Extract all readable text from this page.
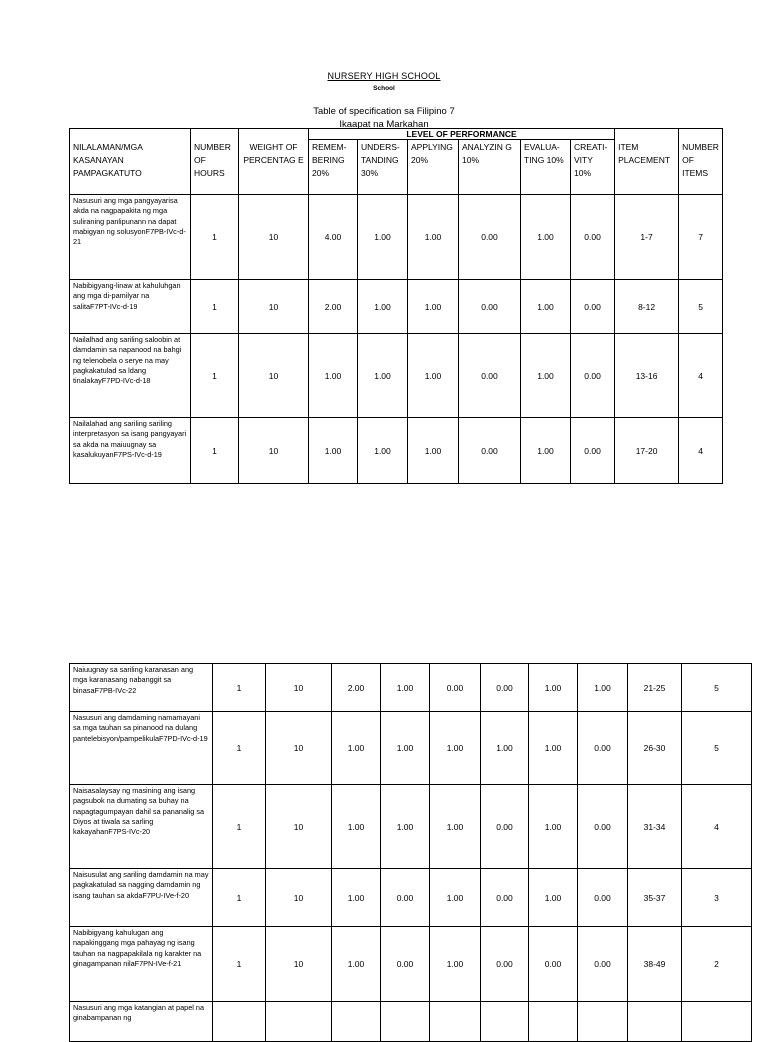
NURSERY HIGH SCHOOL
School
Table of specification sa Filipino 7
Ikaapat na Markahan
			LEVEL OF PERFORMANCE							
NILALAMAN/MGA KASANAYAN PAMPAGKATUTO	NUMBER OF HOURS	WEIGHT OF PERCENTAG E	REMEM-BERING 20%	UNDERS-TANDING 30%	APPLYING 20%	ANALYZIN G 10%	EVALUA-TING 10%	CREATI-VITY 10%	ITEM PLACEMENT	NUMBER OF ITEMS
Nasusuri ang mga pangyayarisa akda na nagpapakita ng mga suliraning panlipunann na dapat mabigyan ng solusyonF7PB-IVc-d-21	1	10	4.00	1.00	1.00	0.00	1.00	0.00	1-7	7
Nabibigyang-linaw at kahuluhgan ang mga di-pamilyar na salitaF7PT-IVc-d-19	1	10	2.00	1.00	1.00	0.00	1.00	0.00	8-12	5
Nailalhad ang sariling saloobin at damdamin sa napanood na bahgi ng telenobela o serye na may pagkakatulad sa ldang tinalakayF7PD-IVc-d-18	1	10	1.00	1.00	1.00	0.00	1.00	0.00	13-16	4
Nailalahad ang sariling sariling interpretasyon sa isang pangyayari sa akda na maiuugnay sa kasalukuyanF7PS-IVc-d-19	1	10	1.00	1.00	1.00	0.00	1.00	0.00	17-20	4
Naiuugnay sa sariling karanasan ang mga karanasang nabanggit sa binasaF7PB-IVc-22	1	10	2.00	1.00	0.00	0.00	1.00	1.00	21-25	5
Nasusuri ang damdaming namamayani sa mga tauhan sa pinanood na dulang pantelebisyon/pampelikulaF7PD-IVc-d-19	1	10	1.00	1.00	1.00	1.00	1.00	0.00	26-30	5
Naisasalaysay ng masining ang isang pagsubok na dumating sa buhay na napagtagumpayan dahil sa pananalig sa Diyos at tiwala sa sarling kakayahanF7PS-IVc-20	1	10	1.00	1.00	1.00	0.00	1.00	0.00	31-34	4
Naisusulat ang sariling damdamin na may pagkakatulad sa nagging damdamin ng isang tauhan sa akdaF7PU-IVe-f-20	1	10	1.00	0.00	1.00	0.00	1.00	0.00	35-37	3
Nabibigyang kahulugan ang napakinggang mga pahayag ng isang tauhan na nagpapakilala ng karakter na ginagampanan nilaF7PN-IVe-f-21	1	10	1.00	0.00	1.00	0.00	0.00	0.00	38-49	2
Nasusuri ang mga katangian at papel na ginabampanan ng										
